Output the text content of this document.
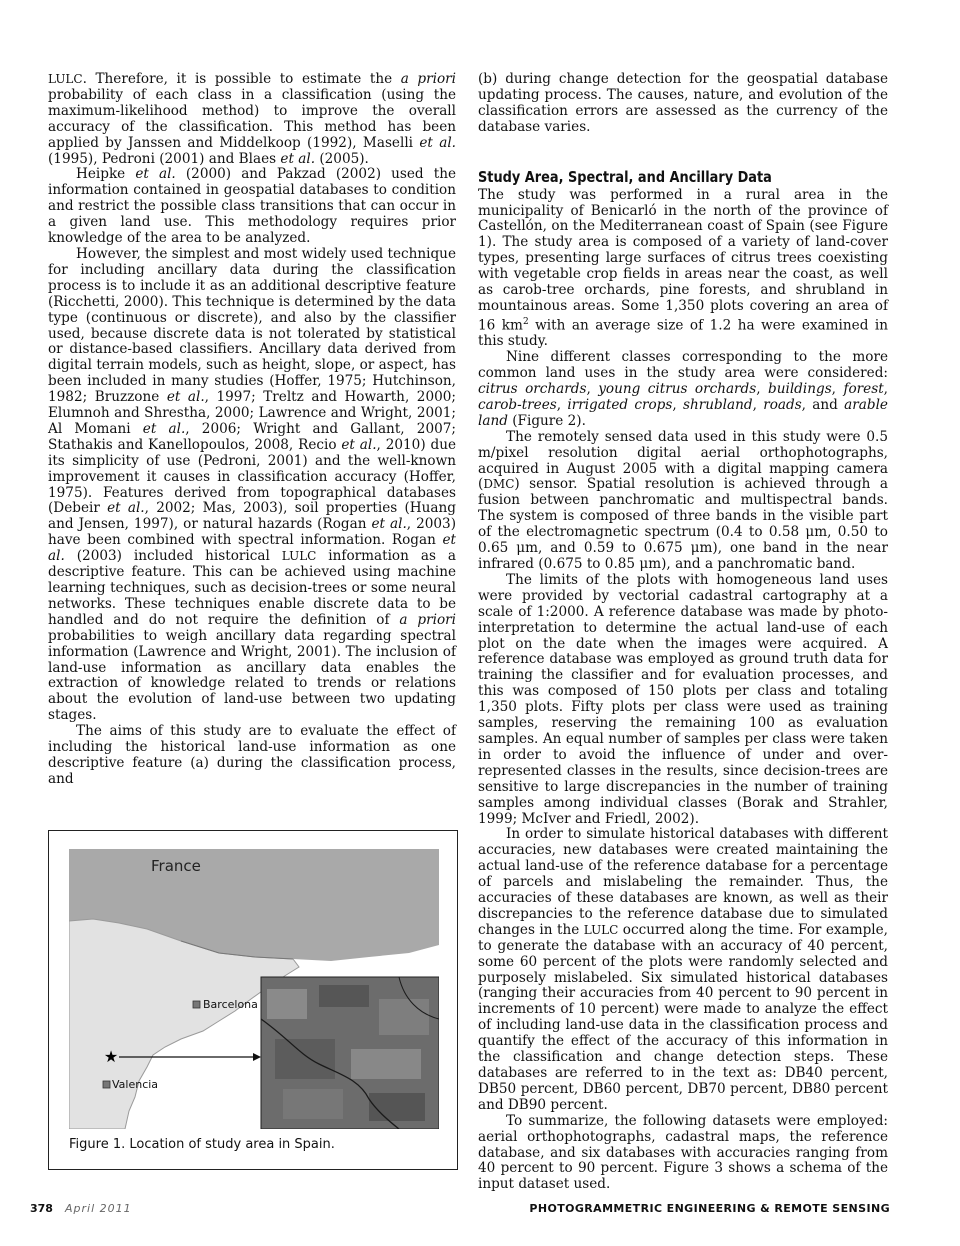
LULC. Therefore, it is possible to estimate the a priori probability of each class in a classification (using the maximum-likelihood method) to improve the overall accuracy of the classification. This method has been applied by Janssen and Middelkoop (1992), Maselli et al. (1995), Pedroni (2001) and Blaes et al. (2005).

Heipke et al. (2000) and Pakzad (2002) used the information contained in geospatial databases to condition and restrict the possible class transitions that can occur in a given land use. This methodology requires prior knowledge of the area to be analyzed.

However, the simplest and most widely used technique for including ancillary data during the classification process is to include it as an additional descriptive feature (Ricchetti, 2000). This technique is determined by the data type (continuous or discrete), and also by the classifier used, because discrete data is not tolerated by statistical or distance-based classifiers. Ancillary data derived from digital terrain models, such as height, slope, or aspect, has been included in many studies (Hoffer, 1975; Hutchinson, 1982; Bruzzone et al., 1997; Treltz and Howarth, 2000; Elumnoh and Shrestha, 2000; Lawrence and Wright, 2001; Al Momani et al., 2006; Wright and Gallant, 2007; Stathakis and Kanellopoulos, 2008, Recio et al., 2010) due its simplicity of use (Pedroni, 2001) and the well-known improvement it causes in classification accuracy (Hoffer, 1975). Features derived from topographical databases (Debeir et al., 2002; Mas, 2003), soil properties (Huang and Jensen, 1997), or natural hazards (Rogan et al., 2003) have been combined with spectral information. Rogan et al. (2003) included historical LULC information as a descriptive feature. This can be achieved using machine learning techniques, such as decision-trees or some neural networks. These techniques enable discrete data to be handled and do not require the definition of a priori probabilities to weigh ancillary data regarding spectral information (Lawrence and Wright, 2001). The inclusion of land-use information as ancillary data enables the extraction of knowledge related to trends or relations about the evolution of land-use between two updating stages.

The aims of this study are to evaluate the effect of including the historical land-use information as one descriptive feature (a) during the classification process, and

France
Barcelona
Valencia
★
Figure 1. Location of study area in Spain.

(b) during change detection for the geospatial database updating process. The causes, nature, and evolution of the classification errors are assessed as the currency of the database varies.

Study Area, Spectral, and Ancillary Data

The study was performed in a rural area in the municipality of Benicarló in the north of the province of Castellón, on the Mediterranean coast of Spain (see Figure 1). The study area is composed of a variety of land-cover types, presenting large surfaces of citrus trees coexisting with vegetable crop fields in areas near the coast, as well as carob-tree orchards, pine forests, and shrubland in mountainous areas. Some 1,350 plots covering an area of 16 $km^2$ with an average size of 1.2 ha were examined in this study.

Nine different classes corresponding to the more common land uses in the study area were considered: citrus orchards, young citrus orchards, buildings, forest, carob-trees, irrigated crops, shrubland, roads, and arable land (Figure 2).

The remotely sensed data used in this study were 0.5 m/pixel resolution digital aerial orthophotographs, acquired in August 2005 with a digital mapping camera (DMC) sensor. Spatial resolution is achieved through a fusion between panchromatic and multispectral bands. The system is composed of three bands in the visible part of the electromagnetic spectrum (0.4 to 0.58 μm, 0.50 to 0.65 μm, and 0.59 to 0.675 μm), one band in the near infrared (0.675 to 0.85 μm), and a panchromatic band.

The limits of the plots with homogeneous land uses were provided by vectorial cadastral cartography at a scale of 1:2000. A reference database was made by photo-interpretation to determine the actual land-use of each plot on the date when the images were acquired. A reference database was employed as ground truth data for training the classifier and for evaluation processes, and this was composed of 150 plots per class and totaling 1,350 plots. Fifty plots per class were used as training samples, reserving the remaining 100 as evaluation samples. An equal number of samples per class were taken in order to avoid the influence of under and over-represented classes in the results, since decision-trees are sensitive to large discrepancies in the number of training samples among individual classes (Borak and Strahler, 1999; McIver and Friedl, 2002).

In order to simulate historical databases with different accuracies, new databases were created maintaining the actual land-use of the reference database for a percentage of parcels and mislabeling the remainder. Thus, the accuracies of these databases are known, as well as their discrepancies to the reference database due to simulated changes in the LULC occurred along the time. For example, to generate the database with an accuracy of 40 percent, some 60 percent of the plots were randomly selected and purposely mislabeled. Six simulated historical databases (ranging their accuracies from 40 percent to 90 percent in increments of 10 percent) were made to analyze the effect of including land-use data in the classification process and quantify the effect of the accuracy of this information in the classification and change detection steps. These databases are referred to in the text as: DB40 percent, DB50 percent, DB60 percent, DB70 percent, DB80 percent and DB90 percent.

To summarize, the following datasets were employed: aerial orthophotographs, cadastral maps, the reference database, and six databases with accuracies ranging from 40 percent to 90 percent. Figure 3 shows a schema of the input dataset used.

378 April 2011	PHOTOGRAMMETRIC ENGINEERING & REMOTE SENSING
